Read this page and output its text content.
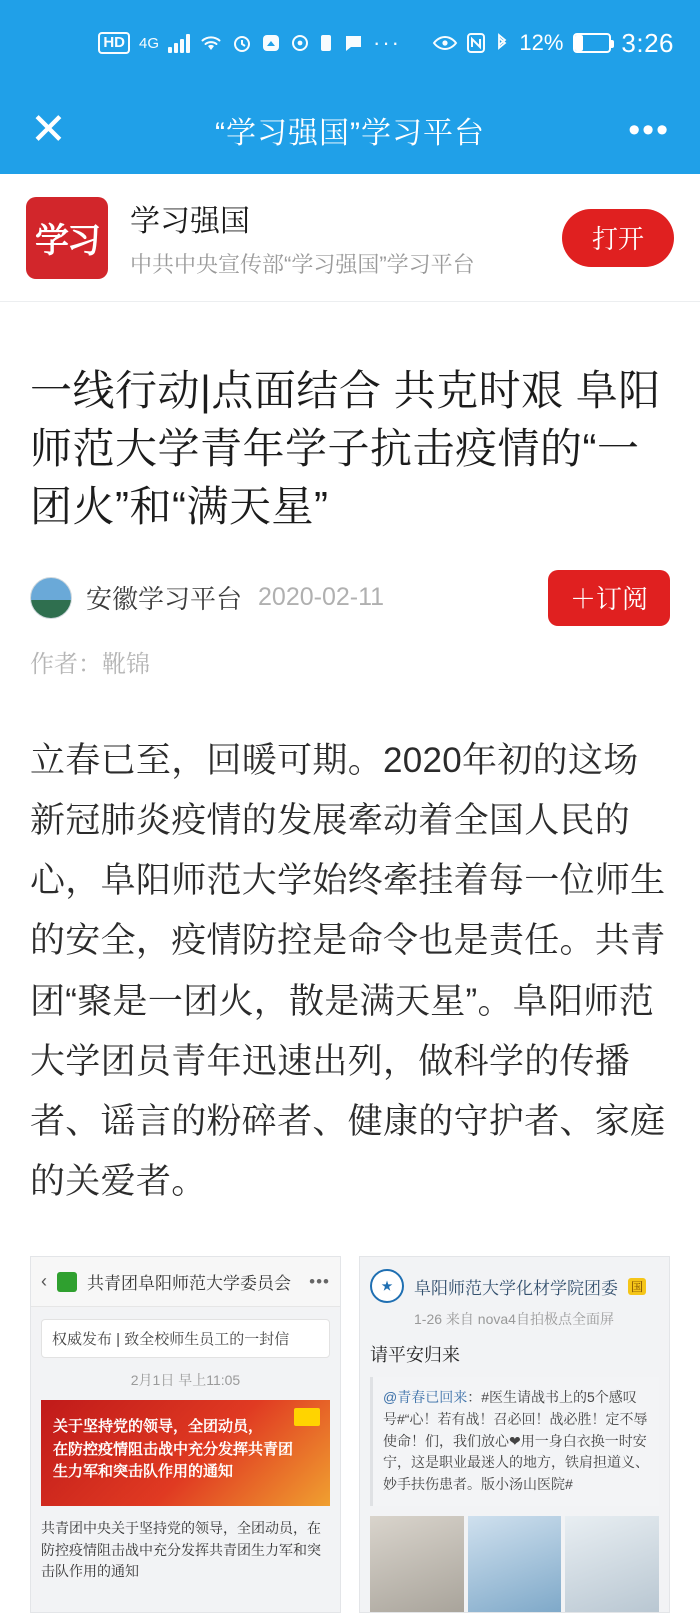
HD 4G	···	12% 3:26
✕	“学习强国”学习平台	•••
学习	学习强国
中共中央宣传部“学习强国”学习平台
打开
一线行动|点面结合 共克时艰 阜阳师范大学青年学子抗击疫情的“一团火”和“满天星”
安徽学习平台 2020-02-11	＋订阅
作者：靴锦
立春已至，回暖可期。2020年初的这场新冠肺炎疫情的发展牽动着全国人民的心，阜阳师范大学始终牽挂着每一位师生的安全，疫情防控是命令也是责任。共青团“聚是一团火，散是满天星”。阜阳师范大学团员青年迅速出列，做科学的传播者、谣言的粉碎者、健康的守护者、家庭的关爱者。
‹ 共青团阜阳师范大学委员会	•••
权威发布 | 致全校师生员工的一封信
2月1日 早上11:05
关于坚持党的领导，全团动员，
在防控疫情阻击战中充分发挥共青团
生力军和突击队作用的通知
共青团中央关于坚持党的领导，全团动员，在防控疫情阻击战中充分发挥共青团生力军和突击队作用的通知
★	阜阳师范大学化材学院团委 国
1-26 来自 nova4自拍极点全面屏
请平安归来
@青春已回来：#医生请战书上的5个感叹号#“心！若有战！召必回！战必胜！定不辱使命！们，我们放心❤用一身白衣换一时安宁，这是职业最迷人的地方，铁肩担道义、妙手扶伤患者。版小汤山医院#
